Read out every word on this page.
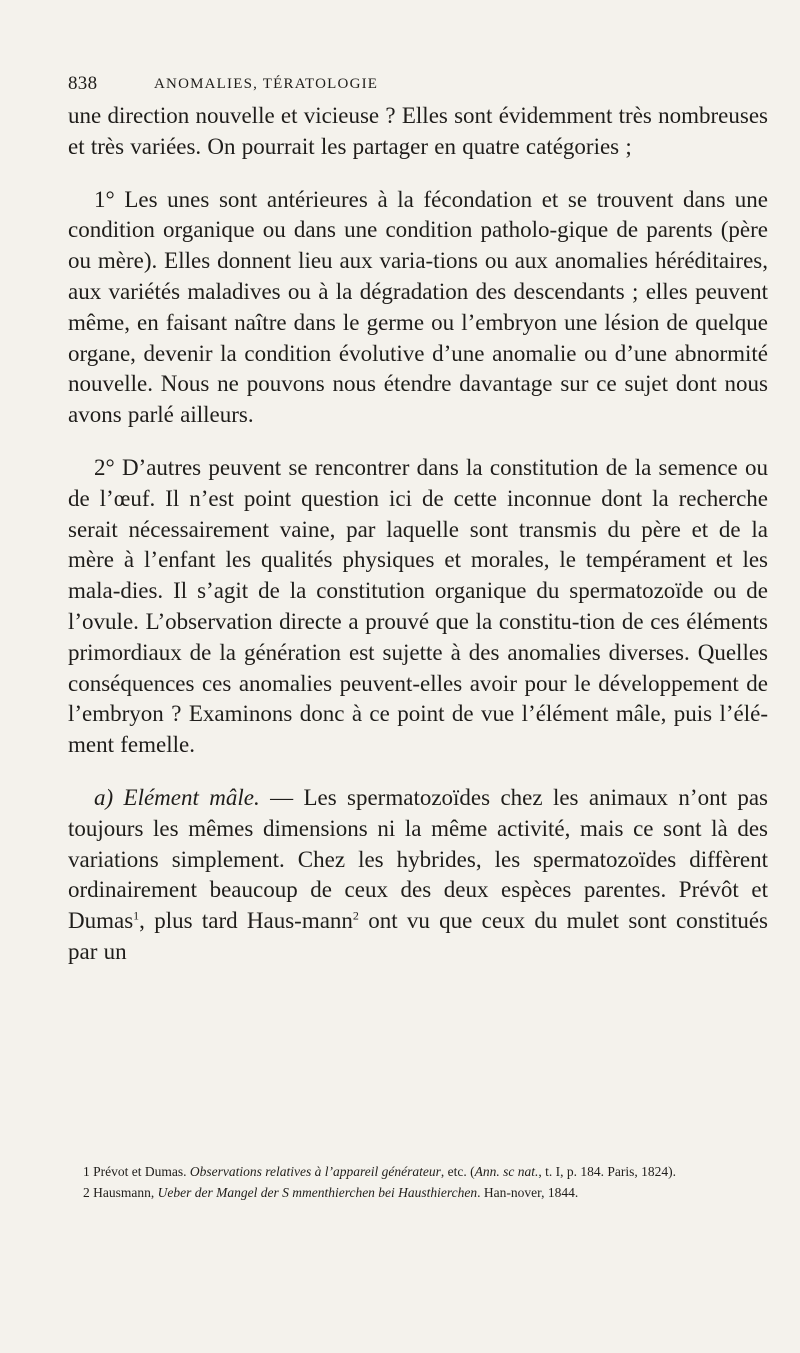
838	ANOMALIES, TÉRATOLOGIE

une direction nouvelle et vicieuse ? Elles sont évidemment très nombreuses et très variées. On pourrait les partager en quatre catégories ;

1° Les unes sont antérieures à la fécondation et se trouvent dans une condition organique ou dans une condition patholo-gique de parents (père ou mère). Elles donnent lieu aux varia-tions ou aux anomalies héréditaires, aux variétés maladives ou à la dégradation des descendants ; elles peuvent même, en faisant naître dans le germe ou l’embryon une lésion de quelque organe, devenir la condition évolutive d’une anomalie ou d’une abnormité nouvelle. Nous ne pouvons nous étendre davantage sur ce sujet dont nous avons parlé ailleurs.

2° D’autres peuvent se rencontrer dans la constitution de la semence ou de l’œuf. Il n’est point question ici de cette inconnue dont la recherche serait nécessairement vaine, par laquelle sont transmis du père et de la mère à l’enfant les qualités physiques et morales, le tempérament et les mala-dies. Il s’agit de la constitution organique du spermatozoïde ou de l’ovule. L’observation directe a prouvé que la constitu-tion de ces éléments primordiaux de la génération est sujette à des anomalies diverses. Quelles conséquences ces anomalies peuvent-elles avoir pour le développement de l’embryon ? Examinons donc à ce point de vue l’élément mâle, puis l’élé-ment femelle.

a) Elément mâle. — Les spermatozoïdes chez les animaux n’ont pas toujours les mêmes dimensions ni la même activité, mais ce sont là des variations simplement. Chez les hybrides, les spermatozoïdes diffèrent ordinairement beaucoup de ceux des deux espèces parentes. Prévôt et Dumas$^1$, plus tard Haus-mann$^2$ ont vu que ceux du mulet sont constitués par un

1 Prévot et Dumas. Observations relatives à l’appareil générateur, etc. (Ann. sc nat., t. I, p. 184. Paris, 1824).

2 Hausmann, Ueber der Mangel der S mmenthierchen bei Hausthierchen. Han-nover, 1844.
